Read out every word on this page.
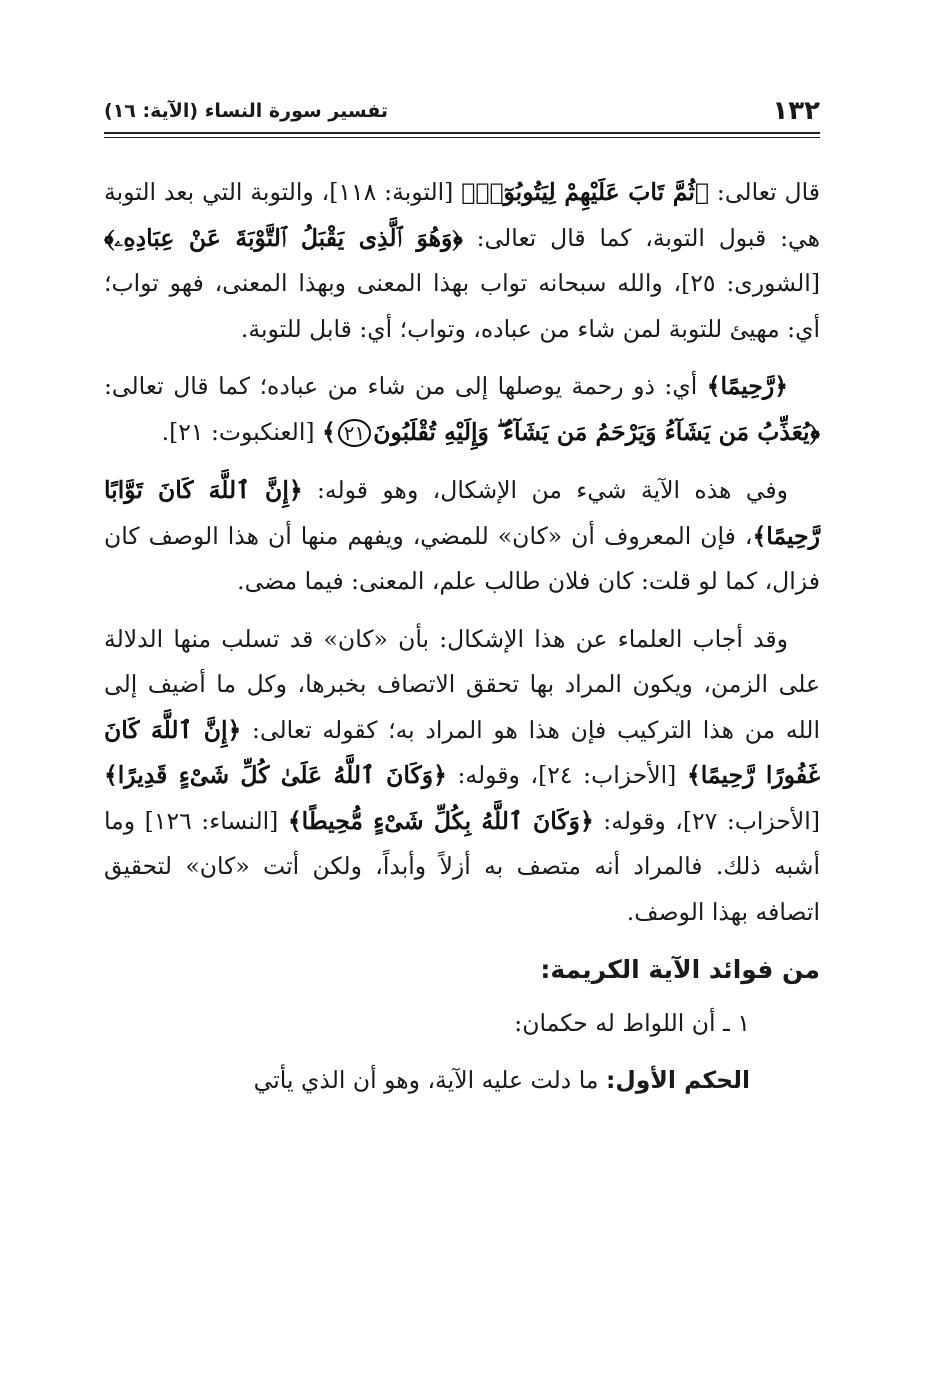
١٣٢
تفسير سورة النساء (الآية: ١٦)

قال تعالى: ﴿ثُمَّ تَابَ عَلَيْهِمْ لِيَتُوبُوٓا۟﴾ [التوبة: ١١٨]، والتوبة التي بعد التوبة هي: قبول التوبة، كما قال تعالى: ﴿وَهُوَ ٱلَّذِى يَقْبَلُ ٱلتَّوْبَةَ عَنْ عِبَادِهِۦ﴾ [الشورى: ٢٥]، والله سبحانه تواب بهذا المعنى وبهذا المعنى، فهو تواب؛ أي: مهيئ للتوبة لمن شاء من عباده، وتواب؛ أي: قابل للتوبة.

﴿رَّحِيمًا﴾ أي: ذو رحمة يوصلها إلى من شاء من عباده؛ كما قال تعالى: ﴿يُعَذِّبُ مَن يَشَآءُ وَيَرْحَمُ مَن يَشَآءُ ۖ وَإِلَيْهِ تُقْلَبُونَ٢١﴾ [العنكبوت: ٢١].

وفي هذه الآية شيء من الإشكال، وهو قوله: ﴿إِنَّ ٱللَّهَ كَانَ تَوَّابًا رَّحِيمًا﴾، فإن المعروف أن «كان» للمضي، ويفهم منها أن هذا الوصف كان فزال، كما لو قلت: كان فلان طالب علم، المعنى: فيما مضى.

وقد أجاب العلماء عن هذا الإشكال: بأن «كان» قد تسلب منها الدلالة على الزمن، ويكون المراد بها تحقق الاتصاف بخبرها، وكل ما أضيف إلى الله من هذا التركيب فإن هذا هو المراد به؛ كقوله تعالى: ﴿إِنَّ ٱللَّهَ كَانَ غَفُورًا رَّحِيمًا﴾ [الأحزاب: ٢٤]، وقوله: ﴿وَكَانَ ٱللَّهُ عَلَىٰ كُلِّ شَىْءٍ قَدِيرًا﴾ [الأحزاب: ٢٧]، وقوله: ﴿وَكَانَ ٱللَّهُ بِكُلِّ شَىْءٍ مُّحِيطًا﴾ [النساء: ١٢٦] وما أشبه ذلك. فالمراد أنه متصف به أزلاً وأبداً، ولكن أتت «كان» لتحقيق اتصافه بهذا الوصف.

من فوائد الآية الكريمة:

١ ـ أن اللواط له حكمان:

الحكم الأول: ما دلت عليه الآية، وهو أن الذي يأتي
